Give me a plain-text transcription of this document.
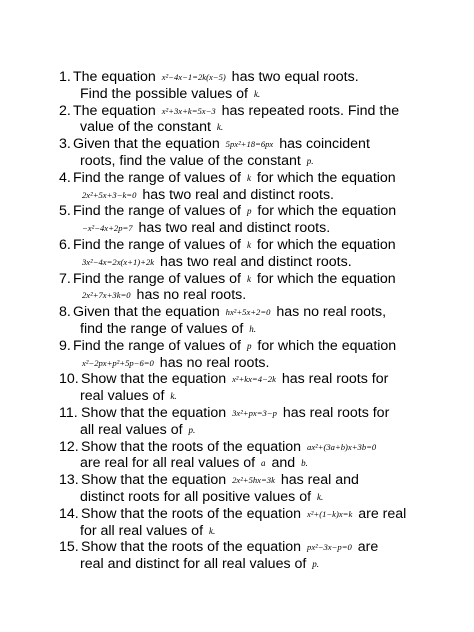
1. The equation x²−4x−1=2k(x−5) has two equal roots.
Find the possible values of k.
2. The equation x²+3x+k=5x−3 has repeated roots. Find the
value of the constant k.
3. Given that the equation 5px²+18=6px has coincident
roots, find the value of the constant p.
4. Find the range of values of k for which the equation
2x²+5x+3−k=0 has two real and distinct roots.
5. Find the range of values of p for which the equation
−x²−4x+2p=7 has two real and distinct roots.
6. Find the range of values of k for which the equation
3x²−4x=2x(x+1)+2k has two real and distinct roots.
7. Find the range of values of k for which the equation
2x²+7x+3k=0 has no real roots.
8. Given that the equation hx²+5x+2=0 has no real roots,
find the range of values of h.
9. Find the range of values of p for which the equation
x²−2px+p²+5p−6=0 has no real roots.
10. Show that the equation x²+kx=4−2k has real roots for
real values of k.
11. Show that the equation 3x²+px=3−p has real roots for
all real values of p.
12. Show that the roots of the equation ax²+(3a+b)x+3b=0
are real for all real values of a and b.
13. Show that the equation 2x²+5hx=3k has real and
distinct roots for all positive values of k.
14. Show that the roots of the equation x²+(1−k)x=k are real
for all real values of k.
15. Show that the roots of the equation px²−3x−p=0 are
real and distinct for all real values of p.
